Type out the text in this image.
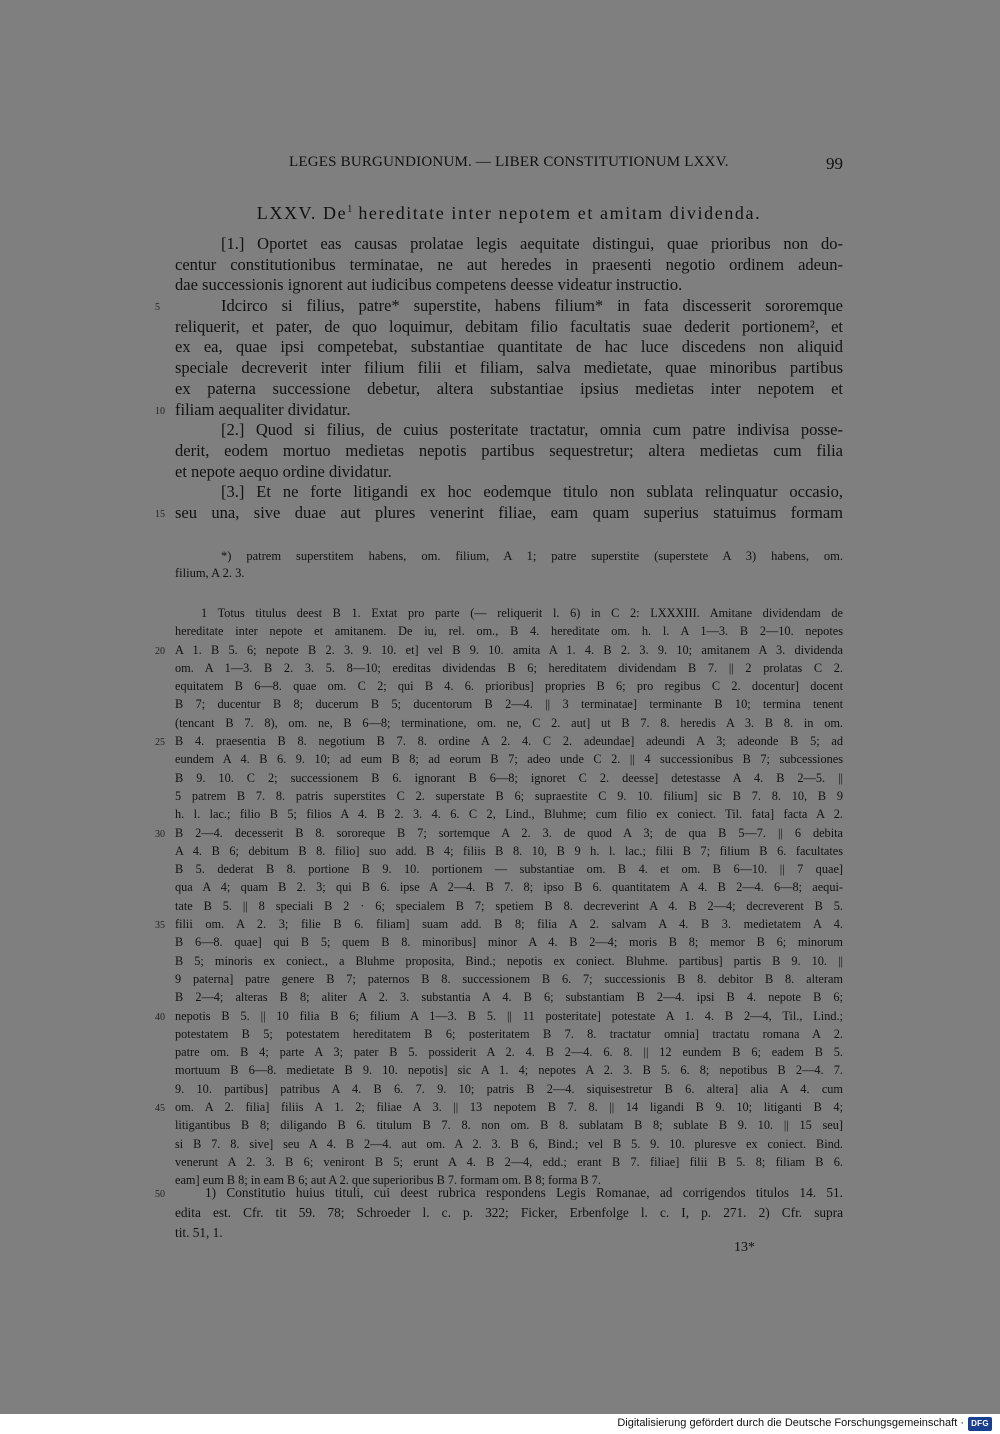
LEGES BURGUNDIONUM. — LIBER CONSTITUTIONUM LXXV.	99
LXXV. De$^1$ hereditate inter nepotem et amitam dividenda.
[1.] Oportet eas causas prolatae legis aequitate distingui, quae prioribus non do-
centur constitutionibus terminatae, ne aut heredes in praesenti negotio ordinem adeun-
dae successionis ignorent aut iudicibus competens deesse videatur instructio.
5	Idcirco si filius, patre* superstite, habens filium* in fata discesserit sororemque
reliquerit, et pater, de quo loquimur, debitam filio facultatis suae dederit portionem², et
ex ea, quae ipsi competebat, substantiae quantitate de hac luce discedens non aliquid
speciale decreverit inter filium filii et filiam, salva medietate, quae minoribus partibus
ex paterna successione debetur, altera substantiae ipsius medietas inter nepotem et
10 filiam aequaliter dividatur.
[2.] Quod si filius, de cuius posteritate tractatur, omnia cum patre indivisa posse-
derit, eodem mortuo medietas nepotis partibus sequestretur; altera medietas cum filia
et nepote aequo ordine dividatur.
[3.] Et ne forte litigandi ex hoc eodemque titulo non sublata relinquatur occasio,
15 seu una, sive duae aut plures venerint filiae, eam quam superius statuimus formam
*) patrem superstitem habens, om. filium, A 1; patre superstite (superstete A 3) habens, om.
filium, A 2. 3.
1 Totus titulus deest B 1. Extat pro parte (— reliquerit l. 6) in C 2: LXXXIII. Amitane dividendam de
hereditate inter nepote et amitanem. De iu, rel. om., B 4. hereditate om. h. l. A 1—3. B 2—10. nepotes
20 A 1. B 5. 6; nepote B 2. 3. 9. 10. et] vel B 9. 10. amita A 1. 4. B 2. 3. 9. 10; amitanem A 3. dividenda
om. A 1—3. B 2. 3. 5. 8—10; ereditas dividendas B 6; hereditatem dividendam B 7. || 2 prolatas C 2.
equitatem B 6—8. quae om. C 2; qui B 4. 6. prioribus] propries B 6; pro regibus C 2. docentur] docent
B 7; ducentur B 8; ducerum B 5; ducentorum B 2—4. || 3 terminatae] terminante B 10; termina tenent
(tencant B 7. 8), om. ne, B 6—8; terminatione, om. ne, C 2. aut] ut B 7. 8. heredis A 3. B 8. in om.
25 B 4. praesentia B 8. negotium B 7. 8. ordine A 2. 4. C 2. adeundae] adeundi A 3; adeonde B 5; ad
eundem A 4. B 6. 9. 10; ad eum B 8; ad eorum B 7; adeo unde C 2. || 4 successionibus B 7; subcessiones
B 9. 10. C 2; successionem B 6. ignorant B 6—8; ignoret C 2. deesse] detestasse A 4. B 2—5. ||
5 patrem B 7. 8. patris superstites C 2. superstate B 6; supraestite C 9. 10. filium] sic B 7. 8. 10, B 9
h. l. lac.; filio B 5; filios A 4. B 2. 3. 4. 6. C 2, Lind., Bluhme; cum filio ex coniect. Til. fata] facta A 2.
30 B 2—4. decesserit B 8. sororeque B 7; sortemque A 2. 3. de quod A 3; de qua B 5—7. || 6 debita
A 4. B 6; debitum B 8. filio] suo add. B 4; filiis B 8. 10, B 9 h. l. lac.; filii B 7; filium B 6. facultates
B 5. dederat B 8. portione B 9. 10. portionem — substantiae om. B 4. et om. B 6—10. || 7 quae]
qua A 4; quam B 2. 3; qui B 6. ipse A 2—4. B 7. 8; ipso B 6. quantitatem A 4. B 2—4. 6—8; aequi-
tate B 5. || 8 speciali B 2 · 6; specialem B 7; spetiem B 8. decreverint A 4. B 2—4; decreverent B 5.
35 filii om. A 2. 3; filie B 6. filiam] suam add. B 8; filia A 2. salvam A 4. B 3. medietatem A 4.
B 6—8. quae] qui B 5; quem B 8. minoribus] minor A 4. B 2—4; moris B 8; memor B 6; minorum
B 5; minoris ex coniect., a Bluhme proposita, Bind.; nepotis ex coniect. Bluhme. partibus] partis B 9. 10. ||
9 paterna] patre genere B 7; paternos B 8. successionem B 6. 7; successionis B 8. debitor B 8. alteram
B 2—4; alteras B 8; aliter A 2. 3. substantia A 4. B 6; substantiam B 2—4. ipsi B 4. nepote B 6;
40 nepotis B 5. || 10 filia B 6; filium A 1—3. B 5. || 11 posteritate] potestate A 1. 4. B 2—4, Til., Lind.;
potestatem B 5; potestatem hereditatem B 6; posteritatem B 7. 8. tractatur omnia] tractatu romana A 2.
patre om. B 4; parte A 3; pater B 5. possiderit A 2. 4. B 2—4. 6. 8. || 12 eundem B 6; eadem B 5.
mortuum B 6—8. medietate B 9. 10. nepotis] sic A 1. 4; nepotes A 2. 3. B 5. 6. 8; nepotibus B 2—4. 7.
9. 10. partibus] patribus A 4. B 6. 7. 9. 10; patris B 2—4. siquisestretur B 6. altera] alia A 4. cum
45 om. A 2. filia] filiis A 1. 2; filiae A 3. || 13 nepotem B 7. 8. || 14 ligandi B 9. 10; litiganti B 4;
litigantibus B 8; diligando B 6. titulum B 7. 8. non om. B 8. sublatam B 8; sublate B 9. 10. || 15 seu]
si B 7. 8. sive] seu A 4. B 2—4. aut om. A 2. 3. B 6, Bind.; vel B 5. 9. 10. pluresve ex coniect. Bind.
venerunt A 2. 3. B 6; veniront B 5; erunt A 4. B 2—4, edd.; erant B 7. filiae] filii B 5. 8; filiam B 6.
eam] eum B 8; in eam B 6; aut A 2. que superioribus B 7. formam om. B 8; forma B 7.
50	1) Constitutio huius tituli, cui deest rubrica respondens Legis Romanae, ad corrigendos titulos 14. 51.
edita est. Cfr. tit 59. 78; Schroeder l. c. p. 322; Ficker, Erbenfolge l. c. I, p. 271. 2) Cfr. supra
tit. 51, 1.
13*
Digitalisierung gefördert durch die Deutsche Forschungsgemeinschaft · DFG
